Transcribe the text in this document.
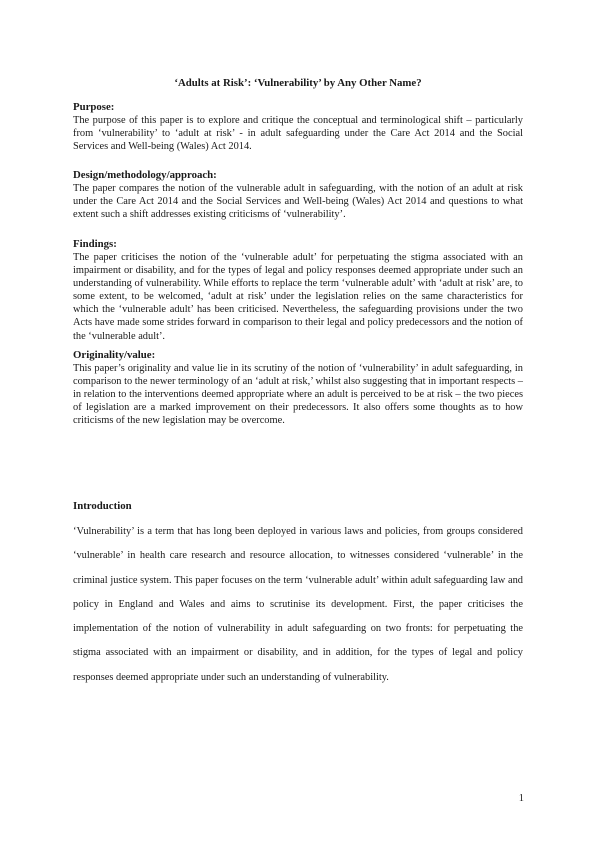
‘Adults at Risk’: ‘Vulnerability’ by Any Other Name?

Purpose:

The purpose of this paper is to explore and critique the conceptual and terminological shift – particularly from ‘vulnerability’ to ‘adult at risk’ - in adult safeguarding under the Care Act 2014 and the Social Services and Well-being (Wales) Act 2014.

Design/methodology/approach:

The paper compares the notion of the vulnerable adult in safeguarding, with the notion of an adult at risk under the Care Act 2014 and the Social Services and Well-being (Wales) Act 2014 and questions to what extent such a shift addresses existing criticisms of ‘vulnerability’.

Findings:

The paper criticises the notion of the ‘vulnerable adult’ for perpetuating the stigma associated with an impairment or disability, and for the types of legal and policy responses deemed appropriate under such an understanding of vulnerability. While efforts to replace the term ‘vulnerable adult’ with ‘adult at risk’ are, to some extent, to be welcomed, ‘adult at risk’ under the legislation relies on the same characteristics for which the ‘vulnerable adult’ has been criticised. Nevertheless, the safeguarding provisions under the two Acts have made some strides forward in comparison to their legal and policy predecessors and the notion of the ‘vulnerable adult’.

Originality/value:

This paper’s originality and value lie in its scrutiny of the notion of ‘vulnerability’ in adult safeguarding, in comparison to the newer terminology of an ‘adult at risk,’ whilst also suggesting that in important respects – in relation to the interventions deemed appropriate where an adult is perceived to be at risk – the two pieces of legislation are a marked improvement on their predecessors. It also offers some thoughts as to how criticisms of the new legislation may be overcome.

Introduction

‘Vulnerability’ is a term that has long been deployed in various laws and policies, from groups considered ‘vulnerable’ in health care research and resource allocation, to witnesses considered ‘vulnerable’ in the criminal justice system. This paper focuses on the term ‘vulnerable adult’ within adult safeguarding law and policy in England and Wales and aims to scrutinise its development. First, the paper criticises the implementation of the notion of vulnerability in adult safeguarding on two fronts: for perpetuating the stigma associated with an impairment or disability, and in addition, for the types of legal and policy responses deemed appropriate under such an understanding of vulnerability.

1
